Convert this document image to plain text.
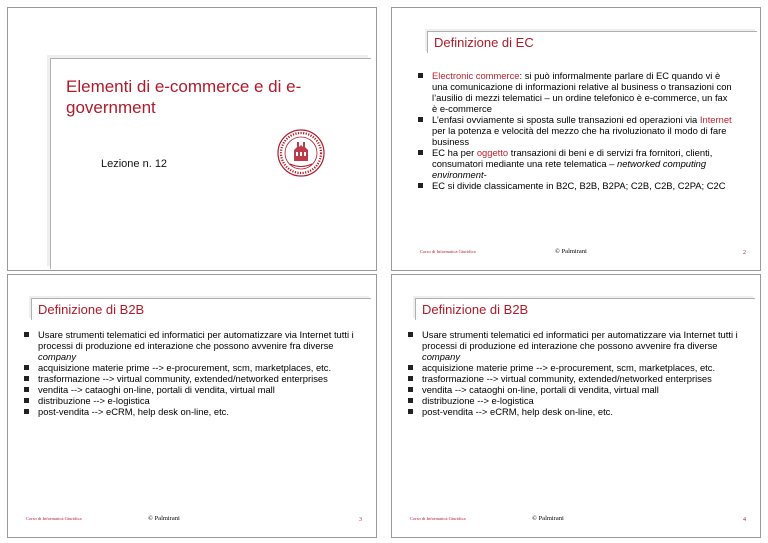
Elementi di e-commerce e di e-government
Lezione n. 12
Definizione di EC
Electronic commerce: si può informalmente parlare di EC quando vi è una comunicazione di informazioni relative al business o transazioni con l’ausilio di mezzi telematici – un ordine telefonico è e-commerce, un fax è e-commerce
L’enfasi ovviamente si sposta sulle transazioni ed operazioni via Internet per la potenza e velocità del mezzo che ha rivoluzionato il modo di fare business
EC ha per oggetto transazioni di beni e di servizi fra fornitori, clienti, consumatori mediante una rete telematica – networked computing environment-
EC si divide classicamente in B2C, B2B, B2PA; C2B, C2B, C2PA; C2C
Corso di Informatica Giuridica	© Palmirani	2
Definizione di B2B
Usare strumenti telematici ed informatici per automatizzare via Internet tutti i processi di produzione ed interazione che possono avvenire fra diverse company
acquisizione materie prime --> e-procurement, scm, marketplaces, etc.
trasformazione --> virtual community, extended/networked enterprises
vendita --> cataoghi on-line, portali di vendita, virtual mall
distribuzione --> e-logistica
post-vendita --> eCRM, help desk on-line, etc.
Corso di Informatica Giuridica	© Palmirani	3
Definizione di B2B
Usare strumenti telematici ed informatici per automatizzare via Internet tutti i processi di produzione ed interazione che possono avvenire fra diverse company
acquisizione materie prime --> e-procurement, scm, marketplaces, etc.
trasformazione --> virtual community, extended/networked enterprises
vendita --> cataoghi on-line, portali di vendita, virtual mall
distribuzione --> e-logistica
post-vendita --> eCRM, help desk on-line, etc.
Corso di Informatica Giuridica	© Palmirani	4
